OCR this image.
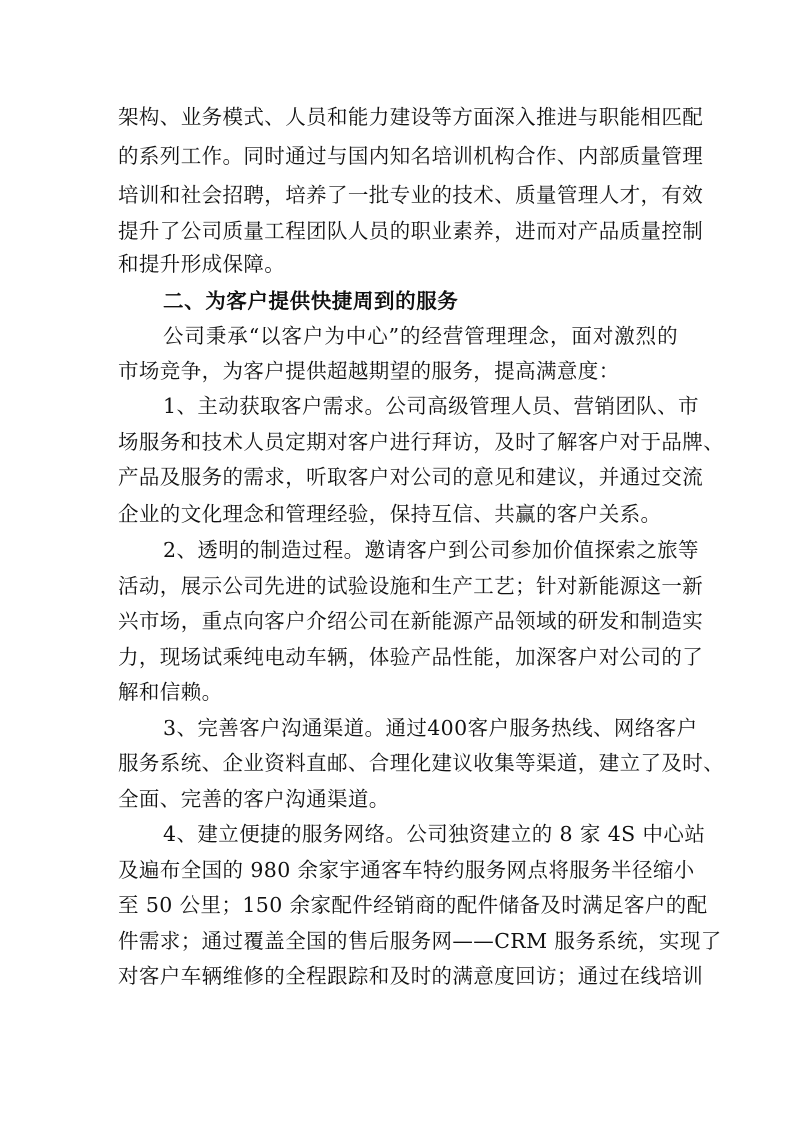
架构、业务模式、人员和能力建设等方面深入推进与职能相匹配
的系列工作。同时通过与国内知名培训机构合作、内部质量管理
培训和社会招聘，培养了一批专业的技术、质量管理人才，有效
提升了公司质量工程团队人员的职业素养，进而对产品质量控制
和提升形成保障。
二、为客户提供快捷周到的服务
公司秉承“以客户为中心”的经营管理理念，面对激烈的
市场竞争，为客户提供超越期望的服务，提高满意度：
1、主动获取客户需求。公司高级管理人员、营销团队、市
场服务和技术人员定期对客户进行拜访，及时了解客户对于品牌、
产品及服务的需求，听取客户对公司的意见和建议，并通过交流
企业的文化理念和管理经验，保持互信、共赢的客户关系。
2、透明的制造过程。邀请客户到公司参加价值探索之旅等
活动，展示公司先进的试验设施和生产工艺；针对新能源这一新
兴市场，重点向客户介绍公司在新能源产品领域的研发和制造实
力，现场试乘纯电动车辆，体验产品性能，加深客户对公司的了
解和信赖。
3、完善客户沟通渠道。通过400客户服务热线、网络客户
服务系统、企业资料直邮、合理化建议收集等渠道，建立了及时、
全面、完善的客户沟通渠道。
4、建立便捷的服务网络。公司独资建立的 8 家 4S 中心站
及遍布全国的 980 余家宇通客车特约服务网点将服务半径缩小
至 50 公里；150 余家配件经销商的配件储备及时满足客户的配
件需求；通过覆盖全国的售后服务网——CRM 服务系统，实现了
对客户车辆维修的全程跟踪和及时的满意度回访；通过在线培训
